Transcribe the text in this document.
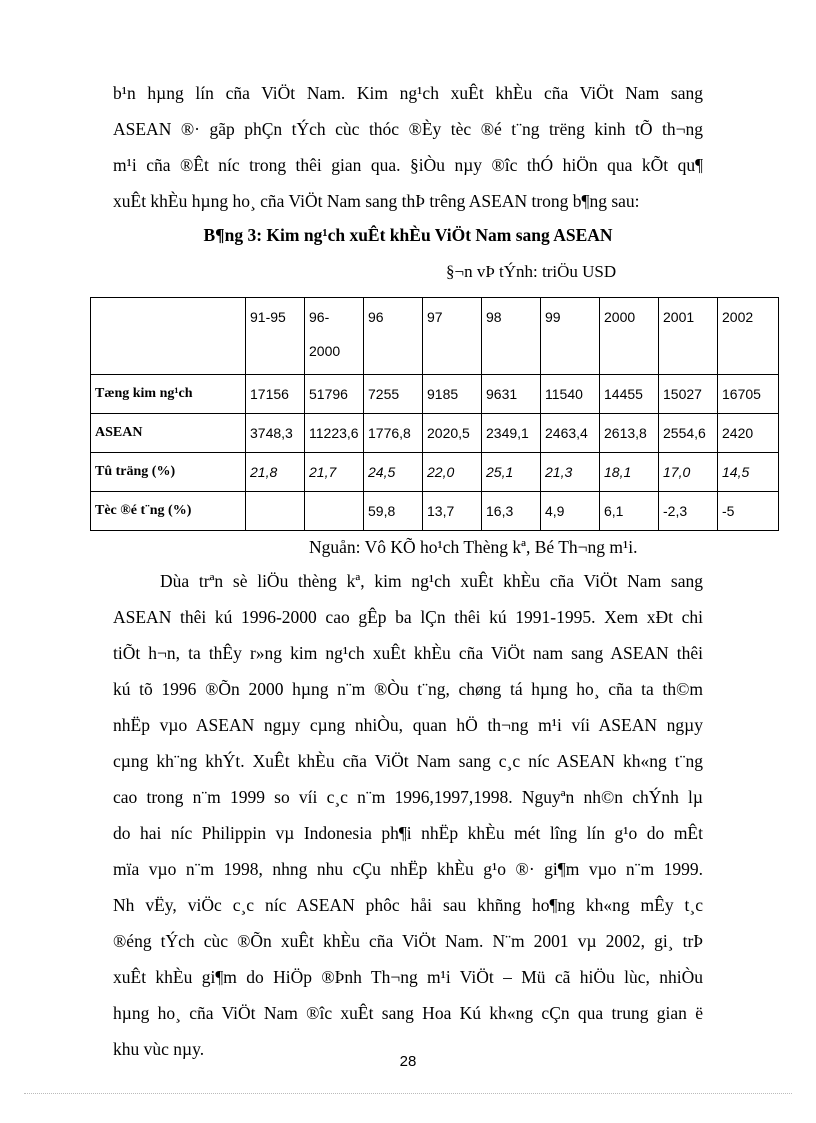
b¹n hµng lín cña ViÖt Nam. Kim ng¹ch xuÊt khÈu cña ViÖt Nam sang
ASEAN ®· gãp phÇn tÝch cùc thóc ®Èy tèc ®é t¨ng trëng kinh tÕ th¬ng
m¹i cña ®Êt níc trong thêi gian qua. §iÒu nµy ®îc thÓ hiÖn qua kÕt qu¶
xuÊt khÈu hµng ho¸ cña ViÖt Nam sang thÞ trêng ASEAN trong b¶ng sau:
B¶ng 3: Kim ng¹ch xuÊt khÈu ViÖt Nam sang ASEAN
§¬n vÞ tÝnh: triÖu USD
	91-95	96-2000	96	97	98	99	2000	2001	2002
Tæng kim ng¹ch	17156	51796	7255	9185	9631	11540	14455	15027	16705
ASEAN	3748,3	11223,6	1776,8	2020,5	2349,1	2463,4	2613,8	2554,6	2420
Tû träng (%)	21,8	21,7	24,5	22,0	25,1	21,3	18,1	17,0	14,5
Tèc ®é t¨ng (%)			59,8	13,7	16,3	4,9	6,1	-2,3	-5
Nguån: Vô KÕ ho¹ch Thèng kª, Bé Th¬ng m¹i.
Dùa trªn sè liÖu thèng kª, kim ng¹ch xuÊt khÈu cña ViÖt Nam sang
ASEAN thêi kú 1996-2000 cao gÊp ba lÇn thêi kú 1991-1995. Xem xÐt chi
tiÕt h¬n, ta thÊy r»ng kim ng¹ch xuÊt khÈu cña ViÖt nam sang ASEAN thêi
kú tõ 1996 ®Õn 2000 hµng n¨m ®Òu t¨ng, chøng tá hµng ho¸ cña ta th©m
nhËp vµo ASEAN ngµy cµng nhiÒu, quan hÖ th¬ng m¹i víi ASEAN ngµy
cµng kh¨ng khÝt. XuÊt khÈu cña ViÖt Nam sang c¸c níc ASEAN kh«ng t¨ng
cao trong n¨m 1999 so víi c¸c n¨m 1996,1997,1998. Nguyªn nh©n chÝnh lµ
do hai níc Philippin vµ Indonesia ph¶i nhËp khÈu mét lîng lín g¹o do mÊt
mïa vµo n¨m 1998, nhng nhu cÇu nhËp khÈu g¹o ®· gi¶m vµo n¨m 1999.
Nh vËy, viÖc c¸c níc ASEAN phôc håi sau khñng ho¶ng kh«ng mÊy t¸c
®éng tÝch cùc ®Õn xuÊt khÈu cña ViÖt Nam. N¨m 2001 vµ 2002, gi¸ trÞ
xuÊt khÈu gi¶m do HiÖp ®Þnh Th¬ng m¹i ViÖt – Mü cã hiÖu lùc, nhiÒu
hµng ho¸ cña ViÖt Nam ®îc xuÊt sang Hoa Kú kh«ng cÇn qua trung gian ë
khu vùc nµy.
28
